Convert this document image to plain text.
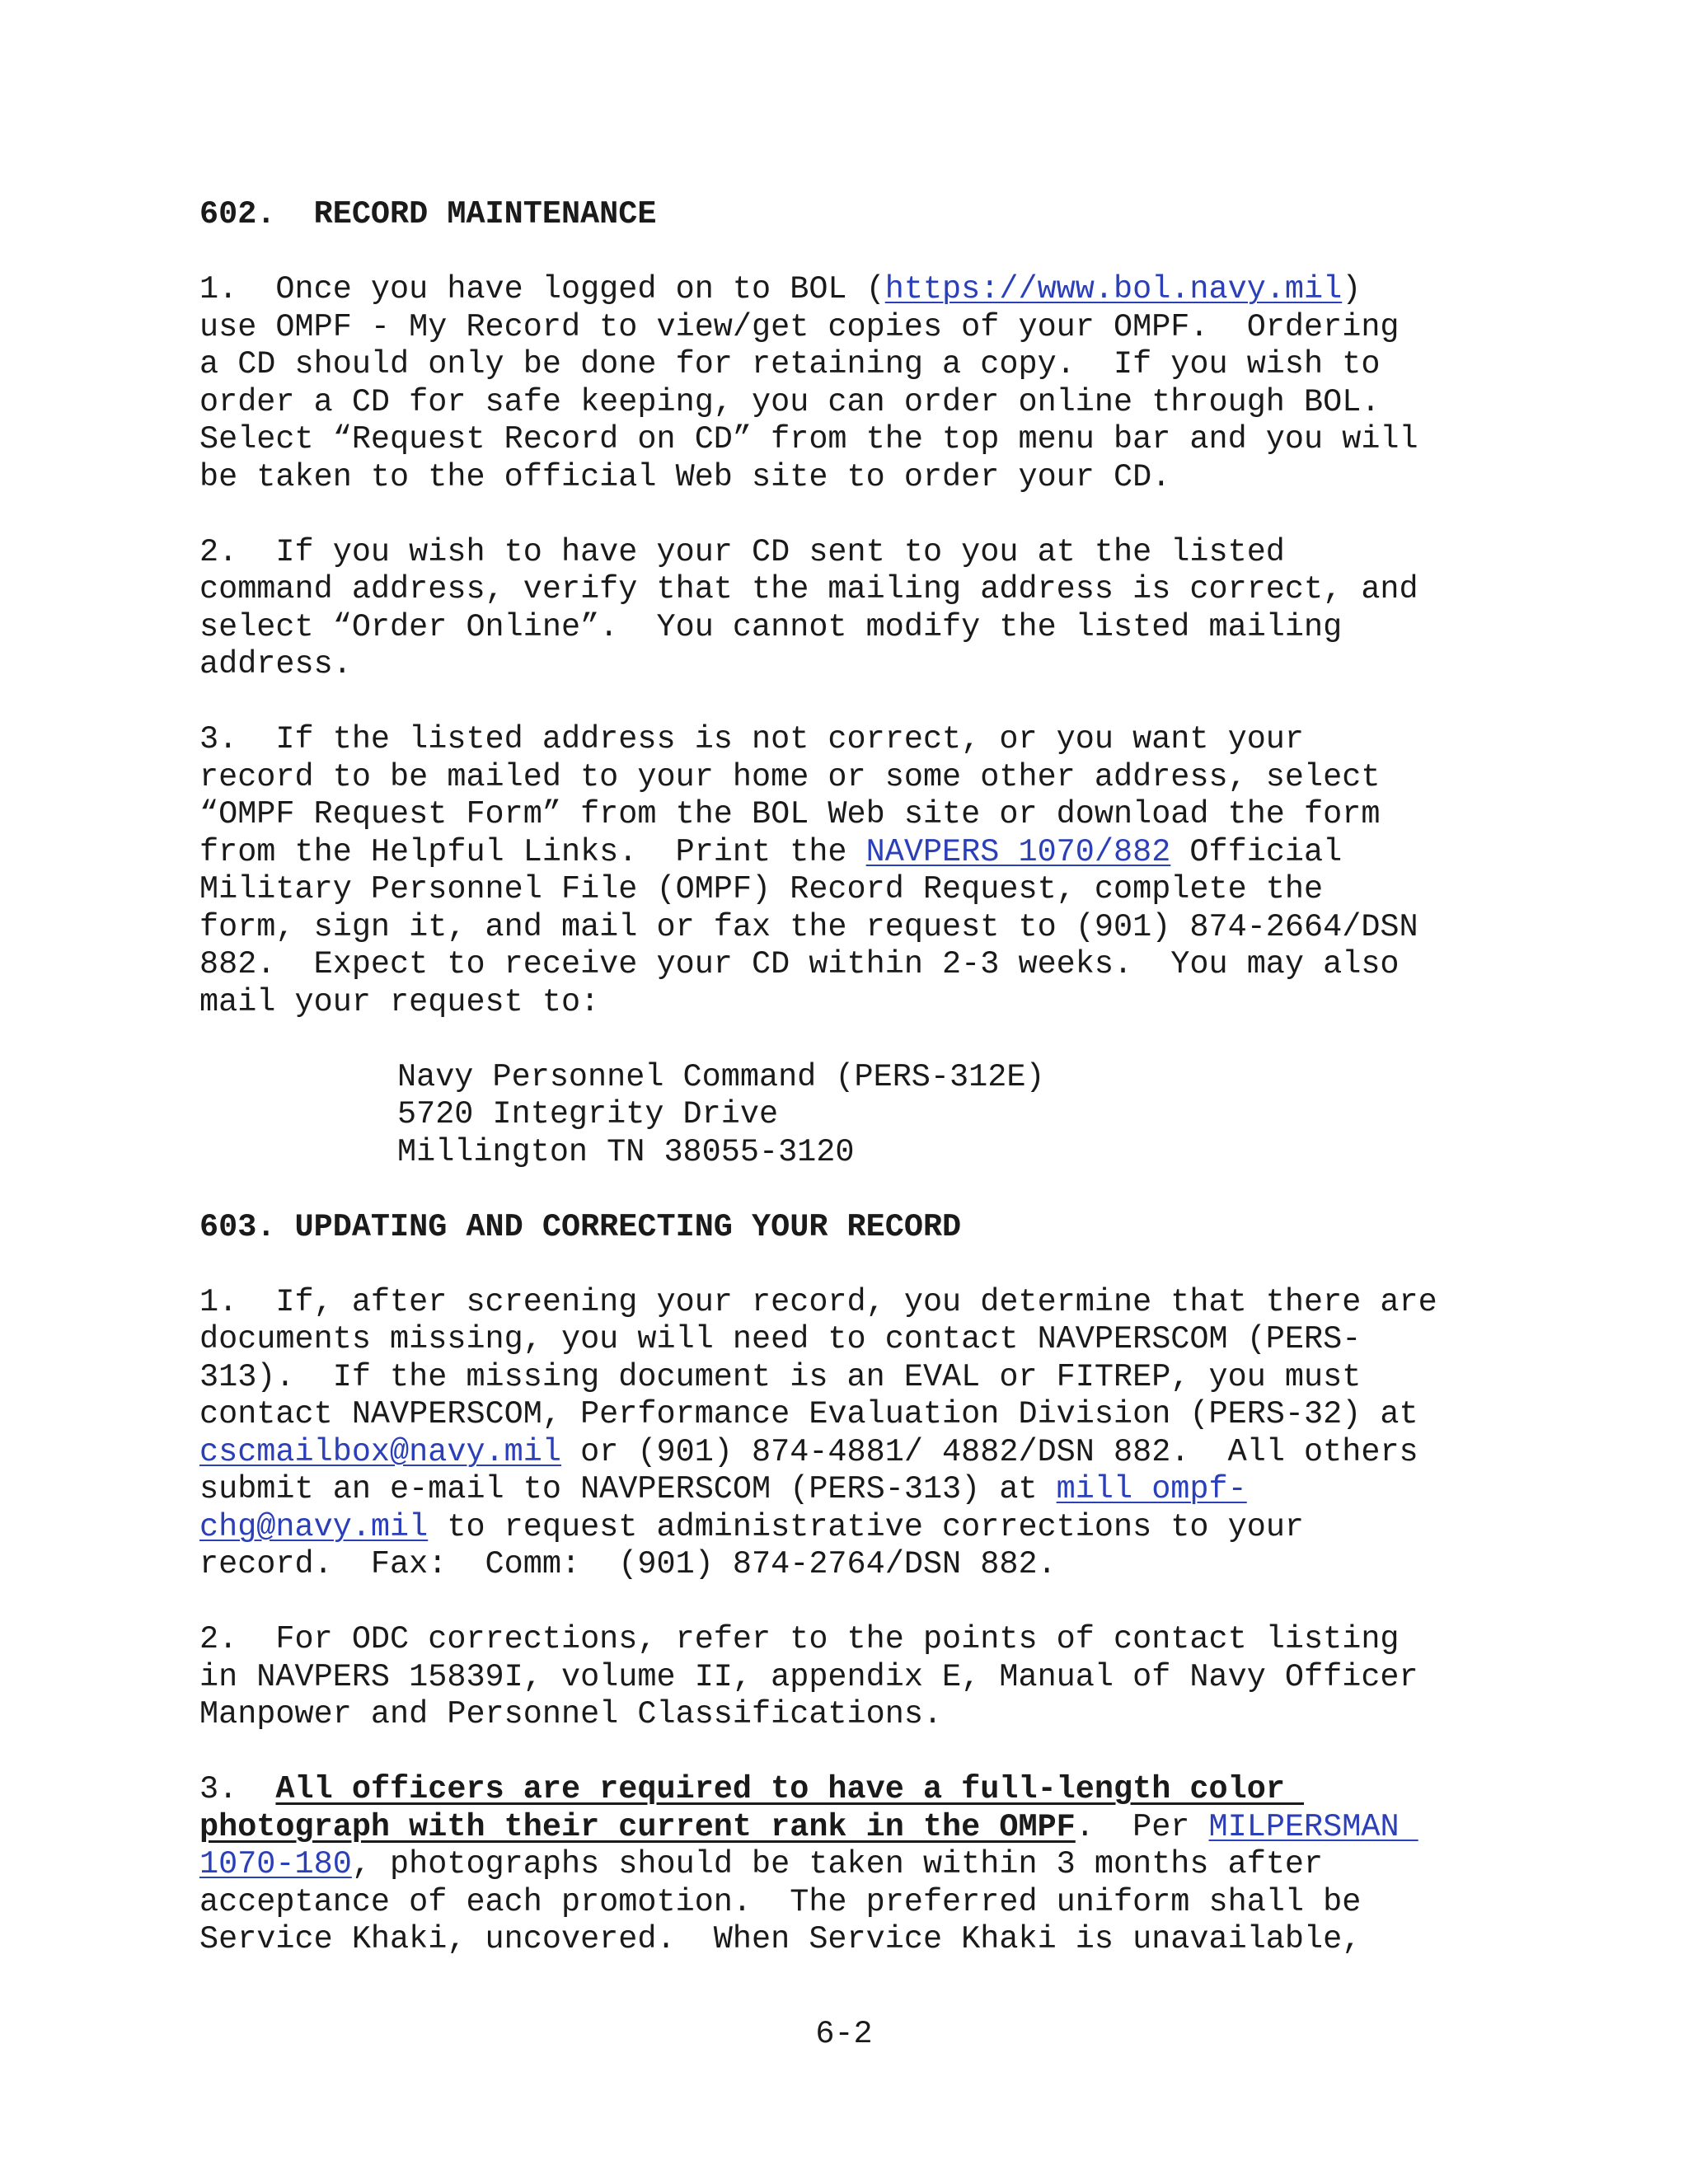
602.  RECORD MAINTENANCE
1.  Once you have logged on to BOL (https://www.bol.navy.mil)
use OMPF - My Record to view/get copies of your OMPF.  Ordering
a CD should only be done for retaining a copy.  If you wish to
order a CD for safe keeping, you can order online through BOL.
Select “Request Record on CD” from the top menu bar and you will
be taken to the official Web site to order your CD.
2.  If you wish to have your CD sent to you at the listed
command address, verify that the mailing address is correct, and
select “Order Online”.  You cannot modify the listed mailing
address.
3.  If the listed address is not correct, or you want your
record to be mailed to your home or some other address, select
“OMPF Request Form” from the BOL Web site or download the form
from the Helpful Links.  Print the NAVPERS 1070/882 Official
Military Personnel File (OMPF) Record Request, complete the
form, sign it, and mail or fax the request to (901) 874-2664/DSN
882.  Expect to receive your CD within 2-3 weeks.  You may also
mail your request to:
Navy Personnel Command (PERS-312E)
5720 Integrity Drive
Millington TN 38055-3120
603. UPDATING AND CORRECTING YOUR RECORD
1.  If, after screening your record, you determine that there are
documents missing, you will need to contact NAVPERSCOM (PERS-
313).  If the missing document is an EVAL or FITREP, you must
contact NAVPERSCOM, Performance Evaluation Division (PERS-32) at
cscmailbox@navy.mil or (901) 874-4881/ 4882/DSN 882.  All others
submit an e-mail to NAVPERSCOM (PERS-313) at mill ompf-
chg@navy.mil to request administrative corrections to your
record.  Fax:  Comm:  (901) 874-2764/DSN 882.
2.  For ODC corrections, refer to the points of contact listing
in NAVPERS 15839I, volume II, appendix E, Manual of Navy Officer
Manpower and Personnel Classifications.
3.  All officers are required to have a full-length color
photograph with their current rank in the OMPF.  Per MILPERSMAN
1070-180, photographs should be taken within 3 months after
acceptance of each promotion.  The preferred uniform shall be
Service Khaki, uncovered.  When Service Khaki is unavailable,
6-2
